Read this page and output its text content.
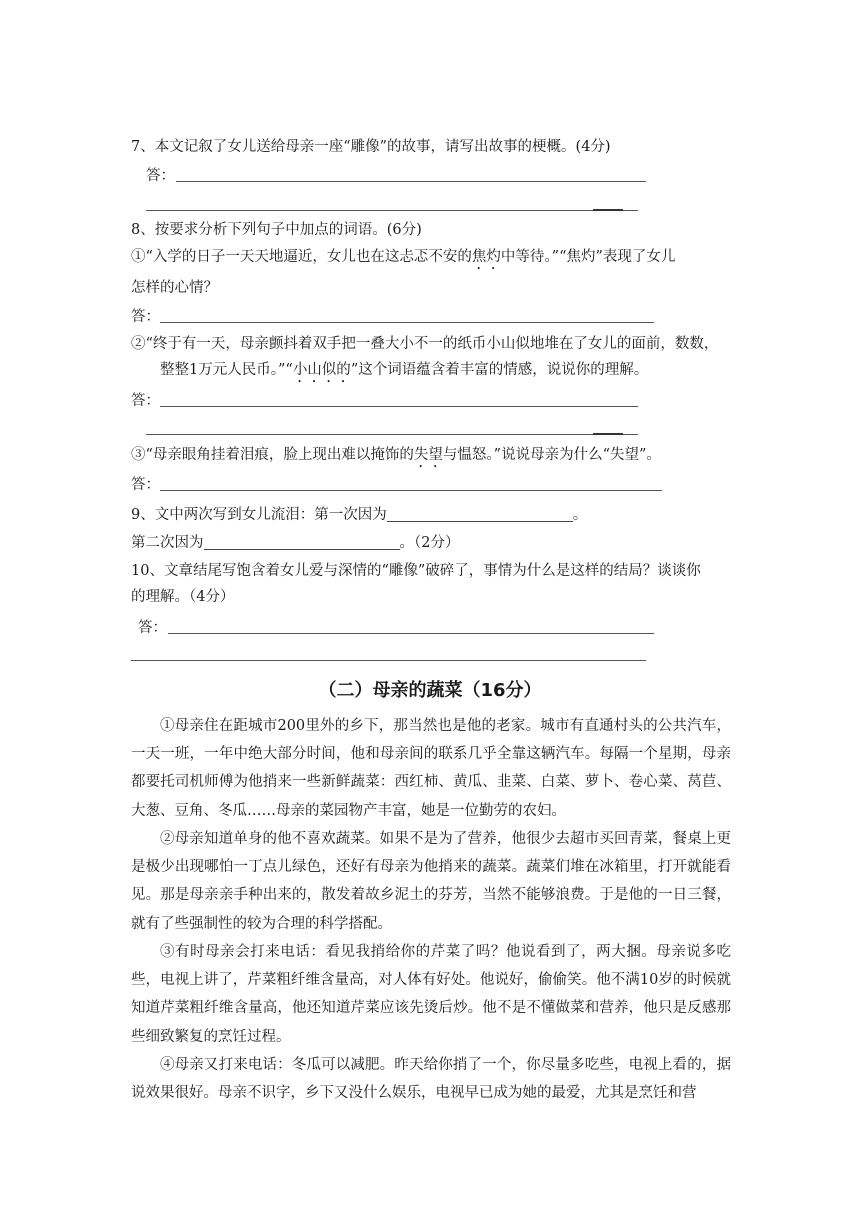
7、本文记叙了女儿送给母亲一座“雕像”的故事，请写出故事的梗概。(4分)
答：
8、按要求分析下列句子中加点的词语。(6分)
①“入学的日子一天天地逼近，女儿也在这忐忑不安的焦灼中等待。”“焦灼”表现了女儿
怎样的心情？
答：
②“终于有一天，母亲颤抖着双手把一叠大小不一的纸币小山似地堆在了女儿的面前，数数，
整整1万元人民币。”“小山似的”这个词语蕴含着丰富的情感，说说你的理解。
答：
③“母亲眼角挂着泪痕，脸上现出难以掩饰的失望与愠怒。”说说母亲为什么“失望”。
答：
9、文中两次写到女儿流泪：第一次因为	。
第二次因为	。（2分）
10、文章结尾写饱含着女儿爱与深情的“雕像”破碎了，事情为什么是这样的结局？谈谈你
的理解。（4分）
答：
（二）母亲的蔬菜（16分）
①母亲住在距城市200里外的乡下，那当然也是他的老家。城市有直通村头的公共汽车，一天一班，一年中绝大部分时间，他和母亲间的联系几乎全靠这辆汽车。每隔一个星期，母亲都要托司机师傅为他捎来一些新鲜蔬菜：西红柿、黄瓜、韭菜、白菜、萝卜、卷心菜、莴苣、大葱、豆角、冬瓜……母亲的菜园物产丰富，她是一位勤劳的农妇。
②母亲知道单身的他不喜欢蔬菜。如果不是为了营养，他很少去超市买回青菜，餐桌上更是极少出现哪怕一丁点儿绿色，还好有母亲为他捎来的蔬菜。蔬菜们堆在冰箱里，打开就能看见。那是母亲亲手种出来的，散发着故乡泥土的芬芳，当然不能够浪费。于是他的一日三餐，就有了些强制性的较为合理的科学搭配。
③有时母亲会打来电话：看见我捎给你的芹菜了吗？他说看到了，两大捆。母亲说多吃些，电视上讲了，芹菜粗纤维含量高，对人体有好处。他说好，偷偷笑。他不满10岁的时候就知道芹菜粗纤维含量高，他还知道芹菜应该先烫后炒。他不是不懂做菜和营养，他只是反感那些细致繁复的烹饪过程。
④母亲又打来电话：冬瓜可以减肥。昨天给你捎了一个，你尽量多吃些，电视上看的，据说效果很好。母亲不识字，乡下又没什么娱乐，电视早已成为她的最爱，尤其是烹饪和营
